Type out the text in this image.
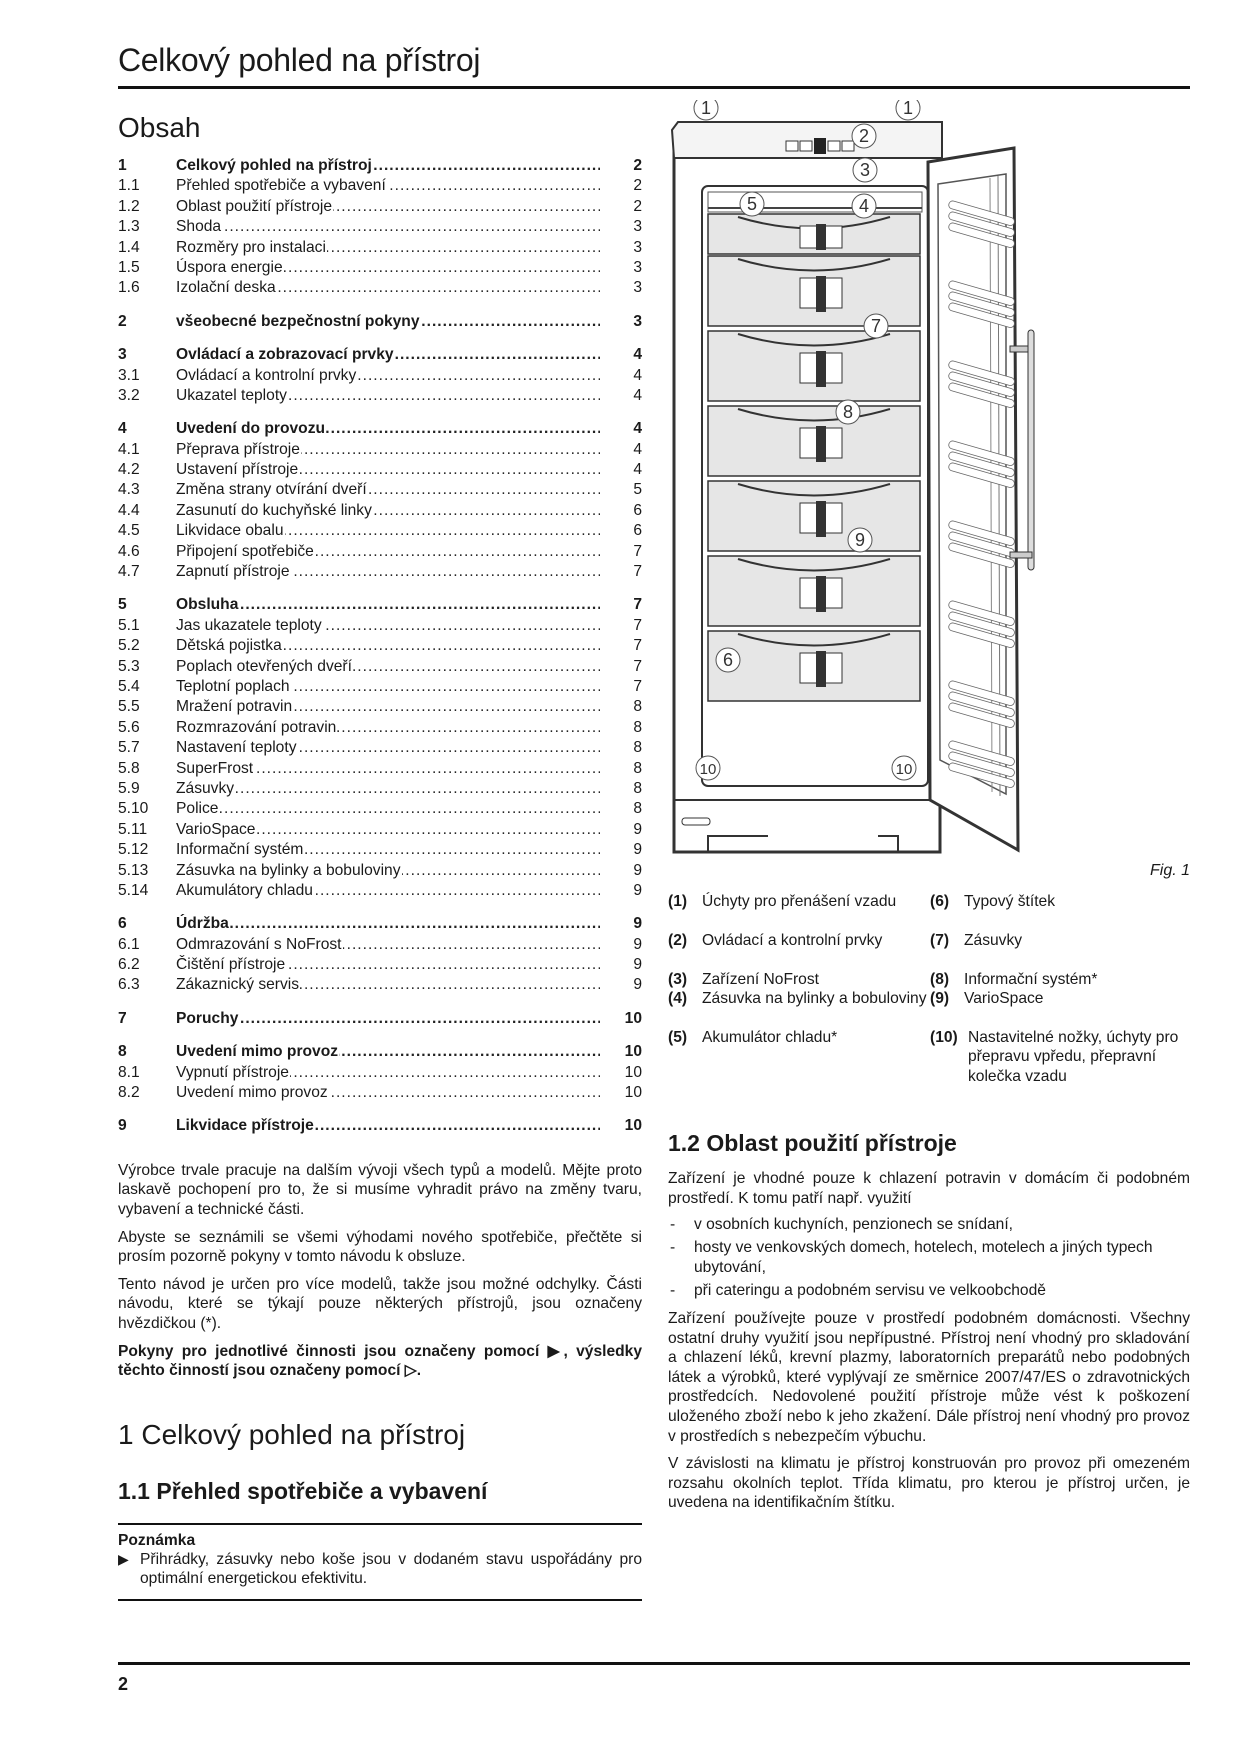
Celkový pohled na přístroj
Obsah
1	Celkový pohled na přístroj .....	2
1.1	Přehled spotřebiče a vybavení .....	2
1.2	Oblast použití přístroje .....	2
1.3	Shoda .....	3
1.4	Rozměry pro instalaci .....	3
1.5	Úspora energie .....	3
1.6	Izolační deska .....	3
2	všeobecné bezpečnostní pokyny .....	3
3	Ovládací a zobrazovací prvky .....	4
3.1	Ovládací a kontrolní prvky .....	4
3.2	Ukazatel teploty .....	4
4	Uvedení do provozu .....	4
4.1	Přeprava přístroje .....	4
4.2	Ustavení přístroje .....	4
4.3	Změna strany otvírání dveří .....	5
4.4	Zasunutí do kuchyňské linky .....	6
4.5	Likvidace obalu .....	6
4.6	Připojení spotřebiče .....	7
4.7	Zapnutí přístroje .....	7
5	Obsluha .....	7
5.1	Jas ukazatele teploty .....	7
5.2	Dětská pojistka .....	7
5.3	Poplach otevřených dveří .....	7
5.4	Teplotní poplach .....	7
5.5	Mražení potravin .....	8
5.6	Rozmrazování potravin .....	8
5.7	Nastavení teploty .....	8
5.8	SuperFrost .....	8
5.9	Zásuvky .....	8
5.10	Police .....	8
5.11	VarioSpace .....	9
5.12	Informační systém .....	9
5.13	Zásuvka na bylinky a bobuloviny .....	9
5.14	Akumulátory chladu .....	9
6	Údržba .....	9
6.1	Odmrazování s NoFrost .....	9
6.2	Čištění přístroje .....	9
6.3	Zákaznický servis .....	9
7	Poruchy .....	10
8	Uvedení mimo provoz .....	10
8.1	Vypnutí přístroje .....	10
8.2	Uvedení mimo provoz .....	10
9	Likvidace přístroje .....	10

Výrobce trvale pracuje na dalším vývoji všech typů a modelů. Mějte proto laskavě pochopení pro to, že si musíme vyhradit právo na změny tvaru, vybavení a technické části.

Abyste se seznámili se všemi výhodami nového spotřebiče, přečtěte si prosím pozorně pokyny v tomto návodu k obsluze.

Tento návod je určen pro více modelů, takže jsou možné odchylky. Části návodu, které se týkají pouze některých přístrojů, jsou označeny hvězdičkou (*).

Pokyny pro jednotlivé činnosti jsou označeny pomocí ▶, výsledky těchto činností jsou označeny pomocí ▷.

1 Celkový pohled na přístroj
1.1 Přehled spotřebiče a vybavení
Poznámka
▶ Přihrádky, zásuvky nebo koše jsou v dodaném stavu uspořádány pro optimální energetickou efektivitu.
1	1
2
3
4
5
6
7
8
9
10	10
Fig. 1
(1) Úchyty pro přenášení vzadu
(2) Ovládací a kontrolní prvky
(3) Zařízení NoFrost
(4) Zásuvka na bylinky a bobuloviny
(5) Akumulátor chladu*
(6) Typový štítek
(7) Zásuvky
(8) Informační systém*
(9) VarioSpace
(10) Nastavitelné nožky, úchyty pro přepravu vpředu, přepravní kolečka vzadu
1.2 Oblast použití přístroje

Zařízení je vhodné pouze k chlazení potravin v domácím či podobném prostředí. K tomu patří např. využití

-	v osobních kuchyních, penzionech se snídaní,
-	hosty ve venkovských domech, hotelech, motelech a jiných typech ubytování,
-	při cateringu a podobném servisu ve velkoobchodě

Zařízení používejte pouze v prostředí podobném domácnosti. Všechny ostatní druhy využití jsou nepřípustné. Přístroj není vhodný pro skladování a chlazení léků, krevní plazmy, laboratorních preparátů nebo podobných látek a výrobků, které vyplývají ze směrnice 2007/47/ES o zdravotnických prostředcích. Nedovolené použití přístroje může vést k poškození uloženého zboží nebo k jeho zkažení. Dále přístroj není vhodný pro provoz v prostředích s nebezpečím výbuchu.

V závislosti na klimatu je přístroj konstruován pro provoz při omezeném rozsahu okolních teplot. Třída klimatu, pro kterou je přístroj určen, je uvedena na identifikačním štítku.

2
